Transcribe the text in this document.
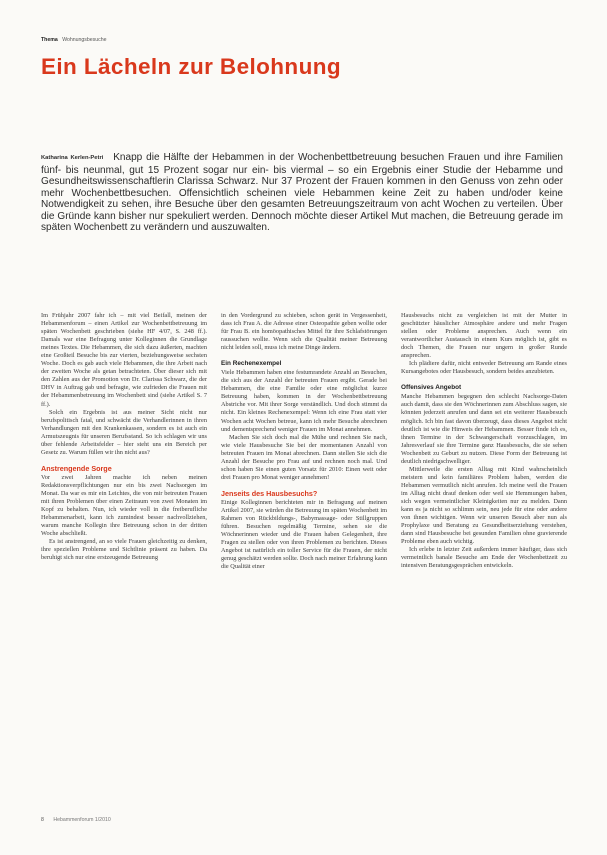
Thema Wohnungsbesuche
Ein Lächeln zur Belohnung
Katharina Kerlen-Petri Knapp die Hälfte der Hebammen in der Wochenbettbetreuung besuchen Frauen und ihre Familien fünf- bis neunmal, gut 15 Prozent sogar nur ein- bis viermal – so ein Ergebnis einer Studie der Hebamme und Gesundheitswissenschaftlerin Clarissa Schwarz. Nur 37 Prozent der Frauen kommen in den Genuss von zehn oder mehr Wochenbettbesuchen. Offensichtlich scheinen viele Hebammen keine Zeit zu haben und/oder keine Notwendigkeit zu sehen, ihre Besuche über den gesamten Betreuungszeitraum von acht Wochen zu verteilen. Über die Gründe kann bisher nur spekuliert werden. Dennoch möchte dieser Artikel Mut machen, die Betreuung gerade im späten Wochenbett zu verändern und auszuwalten.

Im Frühjahr 2007 fahr ich – mit viel Beifall, meinen der Hebammenforum – einen Artikel zur Wochenbettbetreuung im späten Wochenbett geschrieben (siehe HF 4/07, S. 248 ff.). Damals war eine Befragung unter Kolleginnen die Grundlage meines Textes. Die Hebammen, die sich dazu äußerten, machten eine Großteil Besuche bis zur vierten, beziehungsweise sechsten Woche. Doch es gab auch viele Hebammen, die ihre Arbeit nach der zweiten Woche als getan betrachteten. Über dieser sich mit den Zahlen aus der Promotion von Dr. Clarissa Schwarz, die der DHV in Auftrag gab und befragte, wie zufrieden die Frauen mit der Hebammenbetreuung im Wochenbett sind (siehe Artikel S. 7 ff.).

Solch ein Ergebnis ist aus meiner Sicht nicht nur berufspolitisch fatal, und schwächt die Verhandlerinnen in ihren Verhandlungen mit den Krankenkassen, sondern es ist auch ein Armutszeugnis für unseren Berufsstand. So ich schlagen wir uns über fehlende Arbeitsfelder – hier steht uns ein Bereich per Gesetz zu. Warum füllen wir ihn nicht aus?

Anstrengende Sorge

Vor zwei Jahren machte ich neben meinen Redaktionsverpflichtungen nur ein bis zwei Nachsorgen im Monat. Da war es mir ein Leichtes, die von mir betreuten Frauen mit ihren Problemen über einen Zeitraum von zwei Monaten im Kopf zu behalten. Nun, ich wieder voll in die freiberufliche Hebammenarbeit, kann ich zumindest besser nachvollziehen, warum manche Kollegin ihre Betreuung schon in der dritten Woche abschließt.

Es ist anstrengend, an so viele Frauen gleichzeitig zu denken, ihre speziellen Probleme und Sichtlinie präsent zu haben. Da beruhigt sich nur eine erstzeugende Betreuung

in den Vordergrund zu schieben, schon gerät in Vergessenheit, dass ich Frau A. die Adresse einer Osteopathie geben wollte oder für Frau B. ein homöopathisches Mittel für ihre Schlafstörungen raussuchen wollte. Wenn sich die Qualität meiner Betreuung nicht leiden soll, muss ich meine Dinge ändern.

Ein Rechenexempel

Viele Hebammen haben eine festumrandete Anzahl an Besuchen, die sich aus der Anzahl der betreuten Frauen ergibt. Gerade bei Hebammen, die eine Familie oder eine möglichst kurze Betreuung haben, kommen in der Wochenbettbetreuung Abstriche vor. Mit ihrer Sorge verständlich. Und doch stimmt da nicht. Ein kleines Rechenexempel: Wenn ich eine Frau statt vier Wochen acht Wochen betreue, kann ich mehr Besuche abrechnen und dementsprechend weniger Frauen im Monat annehmen.

Machen Sie sich doch mal die Mühe und rechnen Sie nach, wie viele Hausbesuche Sie bei der momentanen Anzahl von betreuten Frauen im Monat abrechnen. Dann stellen Sie sich die Anzahl der Besuche pro Frau auf und rechnen noch mal. Und schon haben Sie einen guten Vorsatz für 2010: Einen weit oder drei Frauen pro Monat weniger annehmen!

Jenseits des Hausbesuchs?

Einige Kolleginnen berichteten mir in Befragung auf meinen Artikel 2007, sie würden die Betreuung im späten Wochenbett im Rahmen von Rückbildungs-, Babymassage- oder Stillgruppen führen. Besuchen regelmäßig Termine, sehen sie die Wöchnerinnen wieder und die Frauen haben Gelegenheit, ihre Fragen zu stellen oder von ihren Problemen zu berichten. Dieses Angebot ist natürlich ein toller Service für die Frauen, der nicht genug geschätzt werden sollte. Doch nach meiner Erfahrung kann die Qualität einer

Hausbesuchs nicht zu vergleichen ist mit der Mutter in geschützter häuslicher Atmosphäre andere und mehr Fragen stellen oder Probleme ansprechen. Auch wenn ein verantwortlicher Austausch in einem Kurs möglich ist, gibt es doch Themen, die Frauen nur ungern in großer Runde ansprechen.

Ich plädiere dafür, nicht entweder Betreuung am Rande eines Kursangebotes oder Hausbesuch, sondern beides anzubieten.

Offensives Angebot

Manche Hebammen begegnen den schlecht Nachsorge-Daten auch damit, dass sie den Wöchnerinnen zum Abschluss sagen, sie könnten jederzeit anrufen und dann sei ein weiterer Hausbesuch möglich. Ich bin fast davon überzeugt, dass dieses Angebot nicht deutlich ist wie die Hinweis der Hebammen. Besser finde ich es, ihnen Termine in der Schwangerschaft vorzuschlagen, im Jahresverlauf sie ihre Termine ganz Hausbesuchs, die sie sehen Wochenbett zu Geburt zu nutzen. Diese Form der Betreuung ist deutlich niedrigschwelliger.

Mittlerweile die ersten Alltag mit Kind wahrscheinlich meistern und kein familiäres Problem haben, werden die Hebammen vermutlich nicht anrufen. Ich meine weil die Frauen im Alltag nicht drauf denken oder weil sie Hemmungen haben, sich wegen vermeintlicher Kleinigkeiten nur zu melden. Dann kann es ja nicht so schlimm sein, neu jede für eine oder andere von ihnen wichtigen. Wenn wir unseren Besuch aber nun als Prophylaxe und Beratung zu Gesundheitserziehung verstehen, dann sind Hausbesuche bei gesunden Familien ohne gravierende Probleme eben auch wichtig.

Ich erlebe in letzter Zeit außerdem immer häufiger, dass sich vermeintlich banale Besuche am Ende der Wochenbettzeit zu intensiven Beratungsgesprächen entwickeln.

8 Hebammenforum 1/2010
